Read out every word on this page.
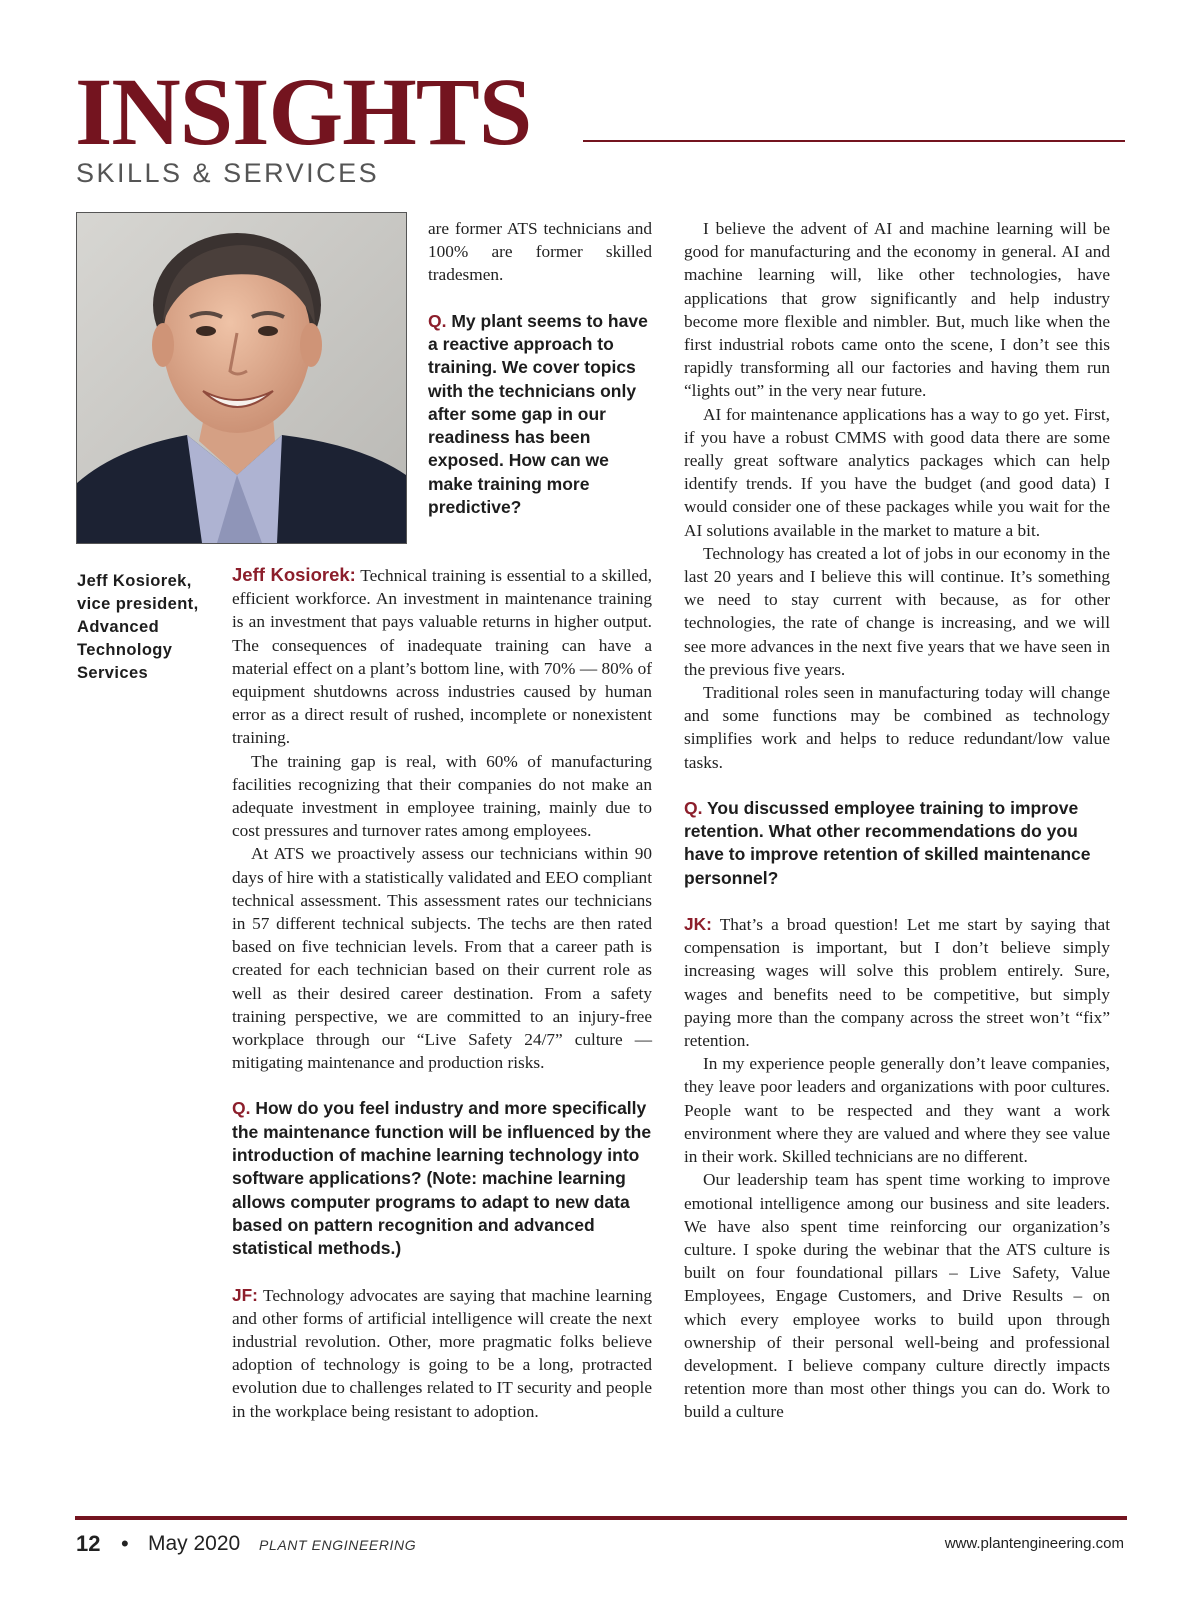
INSIGHTS
SKILLS & SERVICES
Jeff Kosiorek,
vice president,
Advanced
Technology
Services

are former ATS technicians and 100% are former skilled tradesmen.

Q. My plant seems to have a reactive approach to training. We cover topics with the technicians only after some gap in our readiness has been exposed. How can we make training more predictive?

Jeff Kosiorek: Technical training is essential to a skilled, efficient workforce. An investment in maintenance training is an investment that pays valuable returns in higher output. The consequences of inadequate training can have a material effect on a plant’s bottom line, with 70% — 80% of equipment shutdowns across industries caused by human error as a direct result of rushed, incomplete or nonexistent training.

The training gap is real, with 60% of manufacturing facilities recognizing that their companies do not make an adequate investment in employee training, mainly due to cost pressures and turnover rates among employees.

At ATS we proactively assess our technicians within 90 days of hire with a statistically validated and EEO compliant technical assessment. This assessment rates our technicians in 57 different technical subjects. The techs are then rated based on five technician levels. From that a career path is created for each technician based on their current role as well as their desired career destination. From a safety training perspective, we are committed to an injury-free workplace through our “Live Safety 24/7” culture — mitigating maintenance and production risks.

Q. How do you feel industry and more specifically the maintenance function will be influenced by the introduction of machine learning technology into software applications? (Note: machine learning allows computer programs to adapt to new data based on pattern recognition and advanced statistical methods.)

JF: Technology advocates are saying that machine learning and other forms of artificial intelligence will create the next industrial revolution. Other, more pragmatic folks believe adoption of technology is going to be a long, protracted evolution due to challenges related to IT security and people in the workplace being resistant to adoption.

I believe the advent of AI and machine learning will be good for manufacturing and the economy in general. AI and machine learning will, like other technologies, have applications that grow significantly and help industry become more flexible and nimbler. But, much like when the first industrial robots came onto the scene, I don’t see this rapidly transforming all our factories and having them run “lights out” in the very near future.

AI for maintenance applications has a way to go yet. First, if you have a robust CMMS with good data there are some really great software analytics packages which can help identify trends. If you have the budget (and good data) I would consider one of these packages while you wait for the AI solutions available in the market to mature a bit.

Technology has created a lot of jobs in our economy in the last 20 years and I believe this will continue. It’s something we need to stay current with because, as for other technologies, the rate of change is increasing, and we will see more advances in the next five years that we have seen in the previous five years.

Traditional roles seen in manufacturing today will change and some functions may be combined as technology simplifies work and helps to reduce redundant/low value tasks.

Q. You discussed employee training to improve retention. What other recommendations do you have to improve retention of skilled maintenance personnel?

JK: That’s a broad question! Let me start by saying that compensation is important, but I don’t believe simply increasing wages will solve this problem entirely. Sure, wages and benefits need to be competitive, but simply paying more than the company across the street won’t “fix” retention.

In my experience people generally don’t leave companies, they leave poor leaders and organizations with poor cultures. People want to be respected and they want a work environment where they are valued and where they see value in their work. Skilled technicians are no different.

Our leadership team has spent time working to improve emotional intelligence among our business and site leaders. We have also spent time reinforcing our organization’s culture. I spoke during the webinar that the ATS culture is built on four foundational pillars – Live Safety, Value Employees, Engage Customers, and Drive Results – on which every employee works to build upon through ownership of their personal well-being and professional development. I believe company culture directly impacts retention more than most other things you can do. Work to build a culture

12 • May 2020 PLANT ENGINEERING	www.plantengineering.com
